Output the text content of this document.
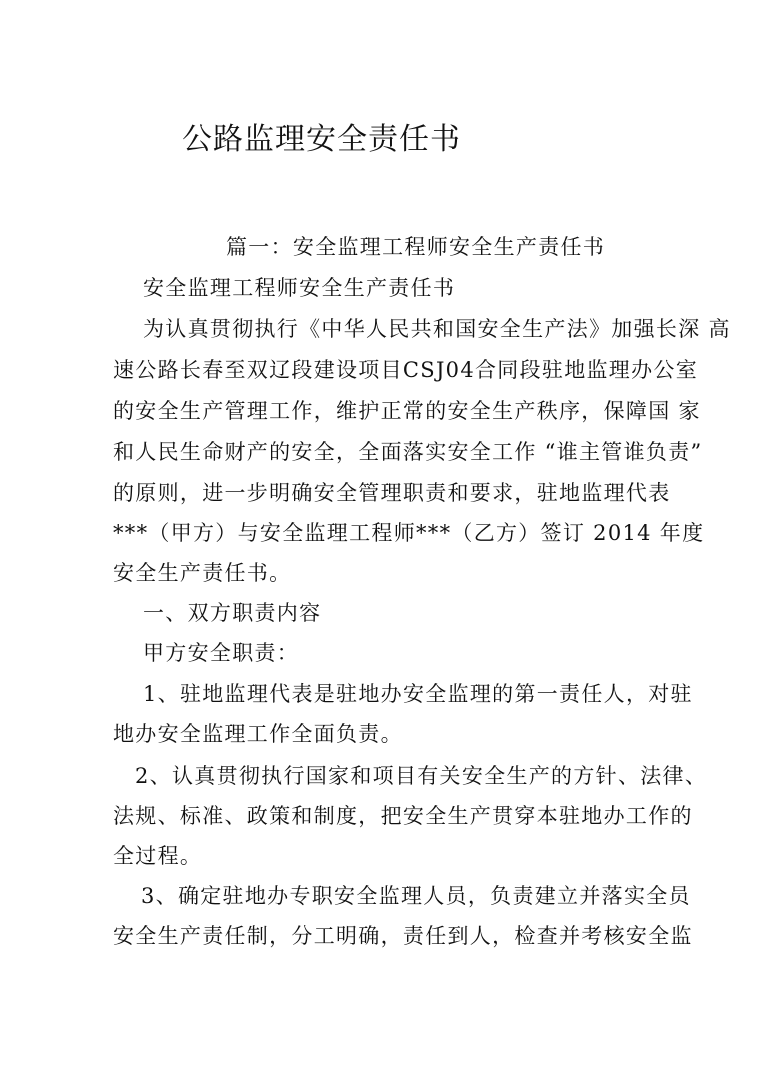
公路监理安全责任书
篇一：安全监理工程师安全生产责任书
安全监理工程师安全生产责任书
为认真贯彻执行《中华人民共和国安全生产法》加强长深 高
速公路长春至双辽段建设项目CSJ04合同段驻地监理办公室
的安全生产管理工作，维护正常的安全生产秩序，保障国 家
和人民生命财产的安全，全面落实安全工作 “谁主管谁负责”
的原则，进一步明确安全管理职责和要求，驻地监理代表
***（甲方）与安全监理工程师***（乙方）签订 2014 年度
安全生产责任书。
一、双方职责内容
甲方安全职责：
1、驻地监理代表是驻地办安全监理的第一责任人，对驻
地办安全监理工作全面负责。
2、认真贯彻执行国家和项目有关安全生产的方针、法律、
法规、标准、政策和制度，把安全生产贯穿本驻地办工作的
全过程。
3、确定驻地办专职安全监理人员，负责建立并落实全员
安全生产责任制，分工明确，责任到人，检查并考核安全监
